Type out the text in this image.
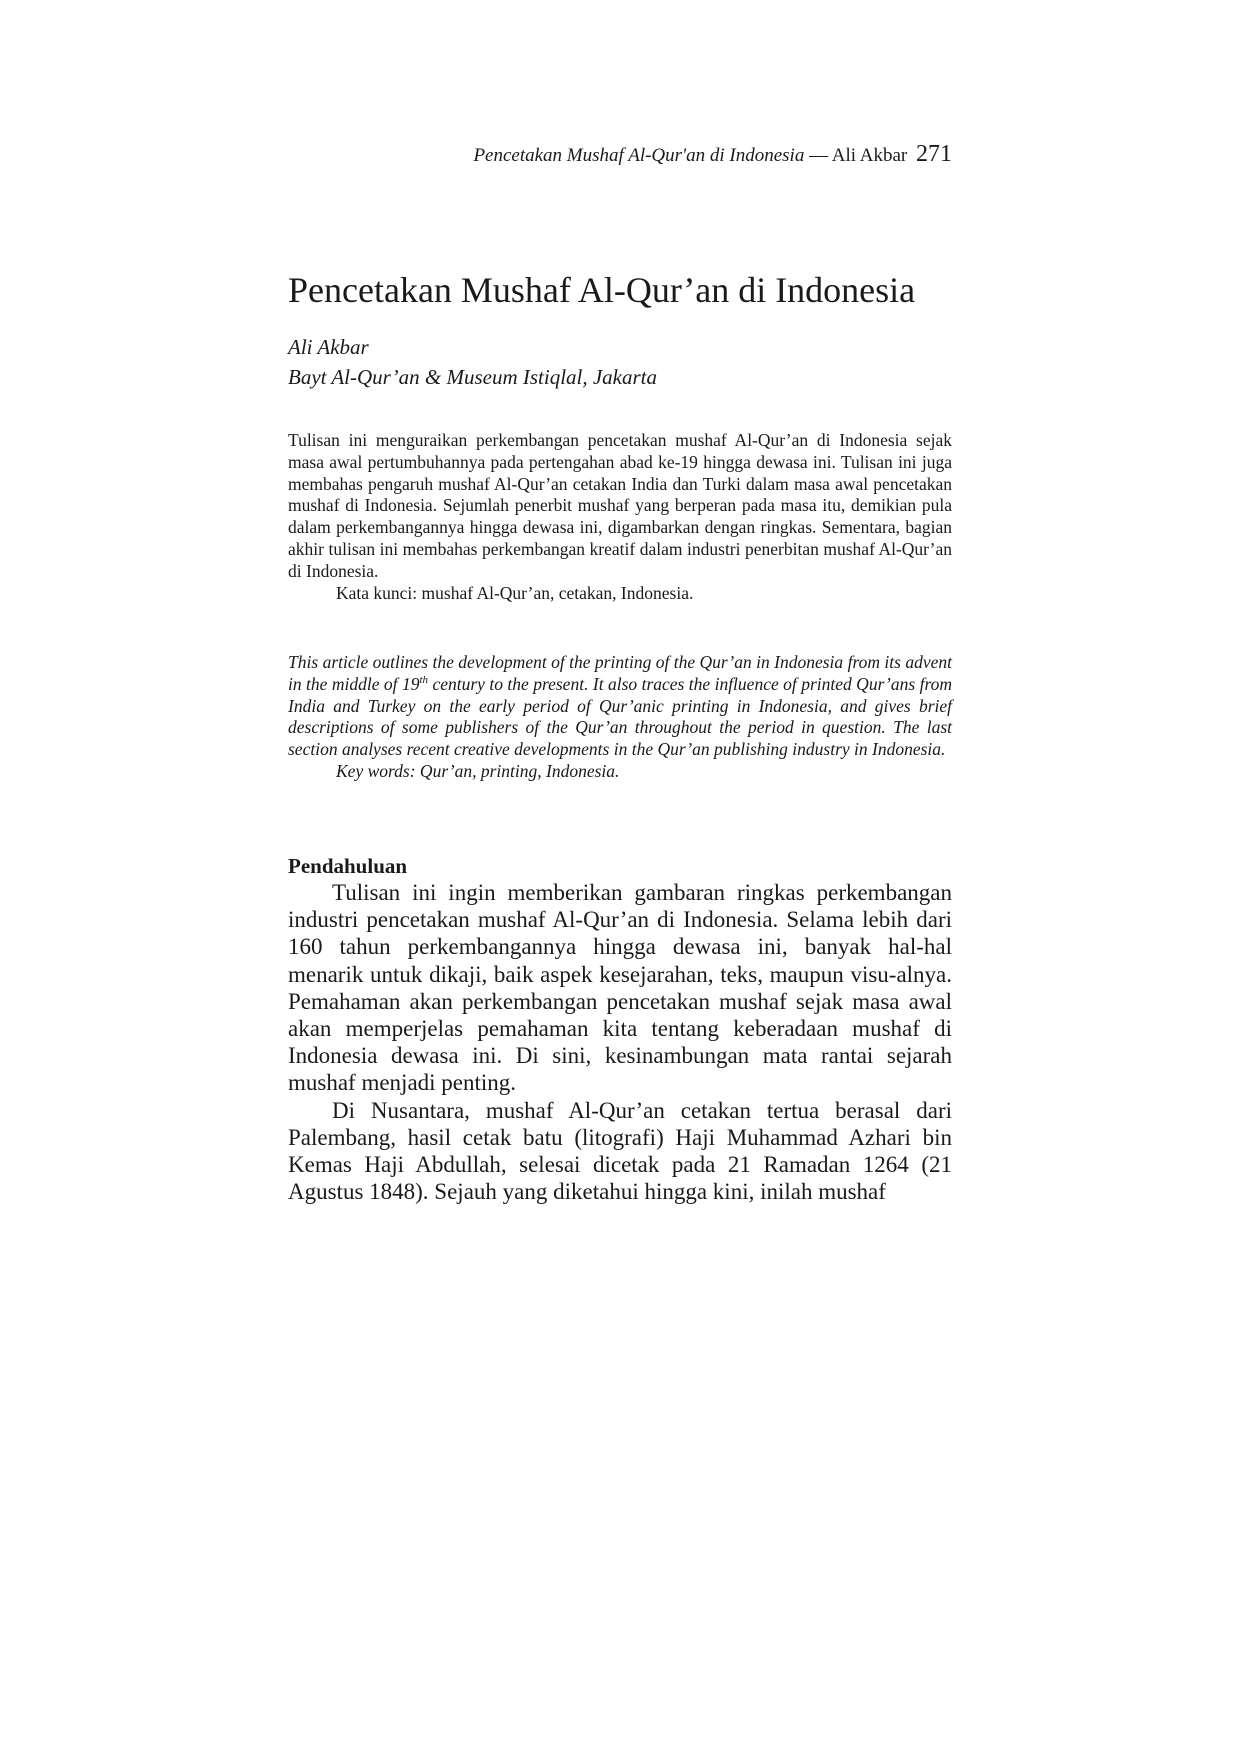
Pencetakan Mushaf Al-Qur'an di Indonesia — Ali Akbar 271
Pencetakan Mushaf Al-Qur’an di Indonesia
Ali Akbar
Bayt Al-Qur’an & Museum Istiqlal, Jakarta

Tulisan ini menguraikan perkembangan pencetakan mushaf Al-Qur’an di Indonesia sejak masa awal pertumbuhannya pada pertengahan abad ke-19 hingga dewasa ini. Tulisan ini juga membahas pengaruh mushaf Al-Qur’an cetakan India dan Turki dalam masa awal pencetakan mushaf di Indonesia. Sejumlah penerbit mushaf yang berperan pada masa itu, demikian pula dalam perkembangannya hingga dewasa ini, digambarkan dengan ringkas. Sementara, bagian akhir tulisan ini membahas perkembangan kreatif dalam industri penerbitan mushaf Al-Qur’an di Indonesia.

Kata kunci: mushaf Al-Qur’an, cetakan, Indonesia.

This article outlines the development of the printing of the Qur’an in Indonesia from its advent in the middle of 19th century to the present. It also traces the influence of printed Qur’ans from India and Turkey on the early period of Qur’anic printing in Indonesia, and gives brief descriptions of some publishers of the Qur’an throughout the period in question. The last section analyses recent creative developments in the Qur’an publishing industry in Indonesia.

Key words: Qur’an, printing, Indonesia.

Pendahuluan

Tulisan ini ingin memberikan gambaran ringkas perkembangan industri pencetakan mushaf Al-Qur’an di Indonesia. Selama lebih dari 160 tahun perkembangannya hingga dewasa ini, banyak hal-hal menarik untuk dikaji, baik aspek kesejarahan, teks, maupun visu-alnya. Pemahaman akan perkembangan pencetakan mushaf sejak masa awal akan memperjelas pemahaman kita tentang keberadaan mushaf di Indonesia dewasa ini. Di sini, kesinambungan mata rantai sejarah mushaf menjadi penting.

Di Nusantara, mushaf Al-Qur’an cetakan tertua berasal dari Palembang, hasil cetak batu (litografi) Haji Muhammad Azhari bin Kemas Haji Abdullah, selesai dicetak pada 21 Ramadan 1264 (21 Agustus 1848). Sejauh yang diketahui hingga kini, inilah mushaf
